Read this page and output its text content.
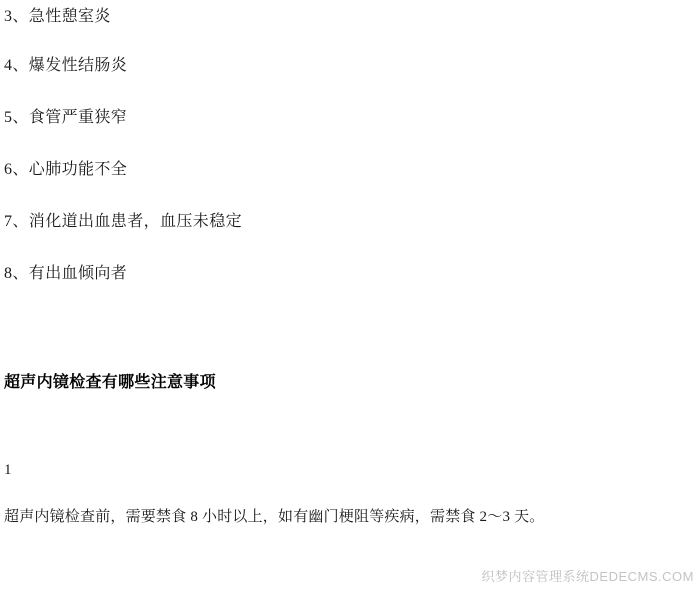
3、急性憩室炎
4、爆发性结肠炎
5、食管严重狭窄
6、心肺功能不全
7、消化道出血患者，血压未稳定
8、有出血倾向者
超声内镜检查有哪些注意事项
1
超声内镜检查前，需要禁食 8 小时以上，如有幽门梗阻等疾病，需禁食 2～3 天。
织梦内容管理系统DEDECMS.COM
